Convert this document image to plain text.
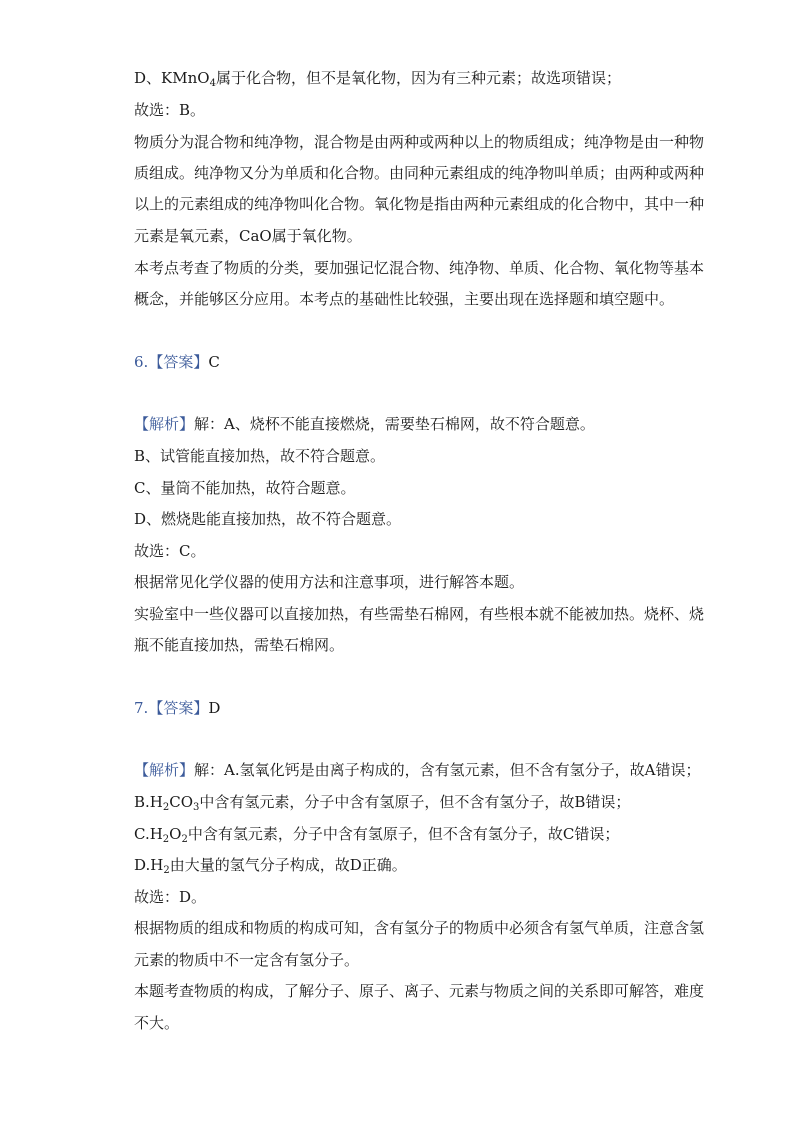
D、KMnO$_4$属于化合物，但不是氧化物，因为有三种元素；故选项错误；
故选：B。
物质分为混合物和纯净物，混合物是由两种或两种以上的物质组成；纯净物是由一种物
质组成。纯净物又分为单质和化合物。由同种元素组成的纯净物叫单质；由两种或两种
以上的元素组成的纯净物叫化合物。氧化物是指由两种元素组成的化合物中，其中一种
元素是氧元素，CaO属于氧化物。
本考点考查了物质的分类，要加强记忆混合物、纯净物、单质、化合物、氧化物等基本
概念，并能够区分应用。本考点的基础性比较强，主要出现在选择题和填空题中。
6.【答案】C
【解析】解：A、烧杯不能直接燃烧，需要垫石棉网，故不符合题意。
B、试管能直接加热，故不符合题意。
C、量筒不能加热，故符合题意。
D、燃烧匙能直接加热，故不符合题意。
故选：C。
根据常见化学仪器的使用方法和注意事项，进行解答本题。
实验室中一些仪器可以直接加热，有些需垫石棉网，有些根本就不能被加热。烧杯、烧
瓶不能直接加热，需垫石棉网。
7.【答案】D
【解析】解：A.氢氧化钙是由离子构成的，含有氢元素，但不含有氢分子，故A错误；
$B.H_2CO_3$中含有氢元素，分子中含有氢原子，但不含有氢分子，故B错误；
$C.H_2O_2$中含有氢元素，分子中含有氢原子，但不含有氢分子，故C错误；
$D.H_2$由大量的氢气分子构成，故D正确。
故选：D。
根据物质的组成和物质的构成可知，含有氢分子的物质中必须含有氢气单质，注意含氢
元素的物质中不一定含有氢分子。
本题考查物质的构成，了解分子、原子、离子、元素与物质之间的关系即可解答，难度
不大。
